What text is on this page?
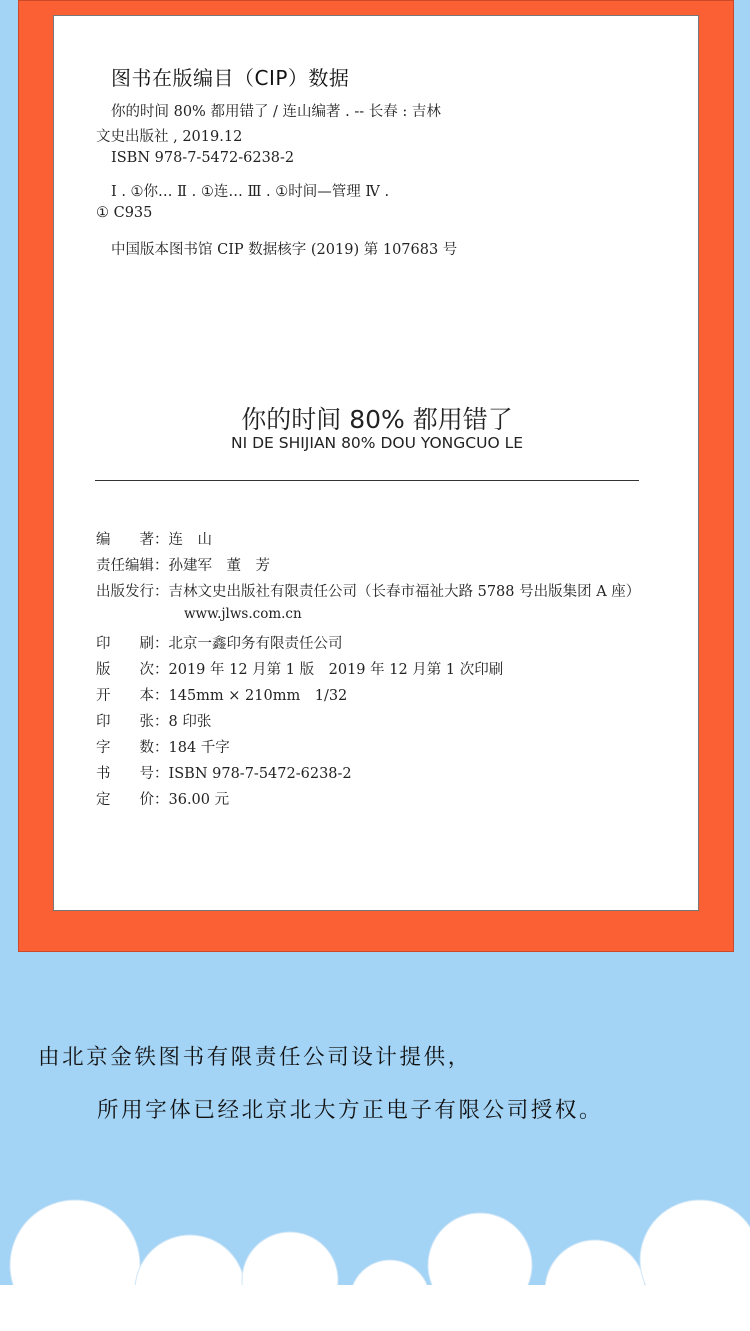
图书在版编目（CIP）数据
你的时间 80% 都用错了 / 连山编著 . -- 长春 : 吉林
文史出版社 , 2019.12
ISBN 978-7-5472-6238-2
Ⅰ . ①你… Ⅱ . ①连… Ⅲ . ①时间—管理 Ⅳ .
① C935
中国版本图书馆 CIP 数据核字 (2019) 第 107683 号
你的时间 80% 都用错了
NI DE SHIJIAN 80% DOU YONGCUO LE
编　　著：连　山
责任编辑：孙建军　董　芳
出版发行：吉林文史出版社有限责任公司（长春市福祉大路 5788 号出版集团 A 座）
www.jlws.com.cn
印　　刷：北京一鑫印务有限责任公司
版　　次：2019 年 12 月第 1 版　2019 年 12 月第 1 次印刷
开　　本：145mm × 210mm　1/32
印　　张：8 印张
字　　数：184 千字
书　　号：ISBN 978-7-5472-6238-2
定　　价：36.00 元
由北京金铁图书有限责任公司设计提供，
所用字体已经北京北大方正电子有限公司授权。
